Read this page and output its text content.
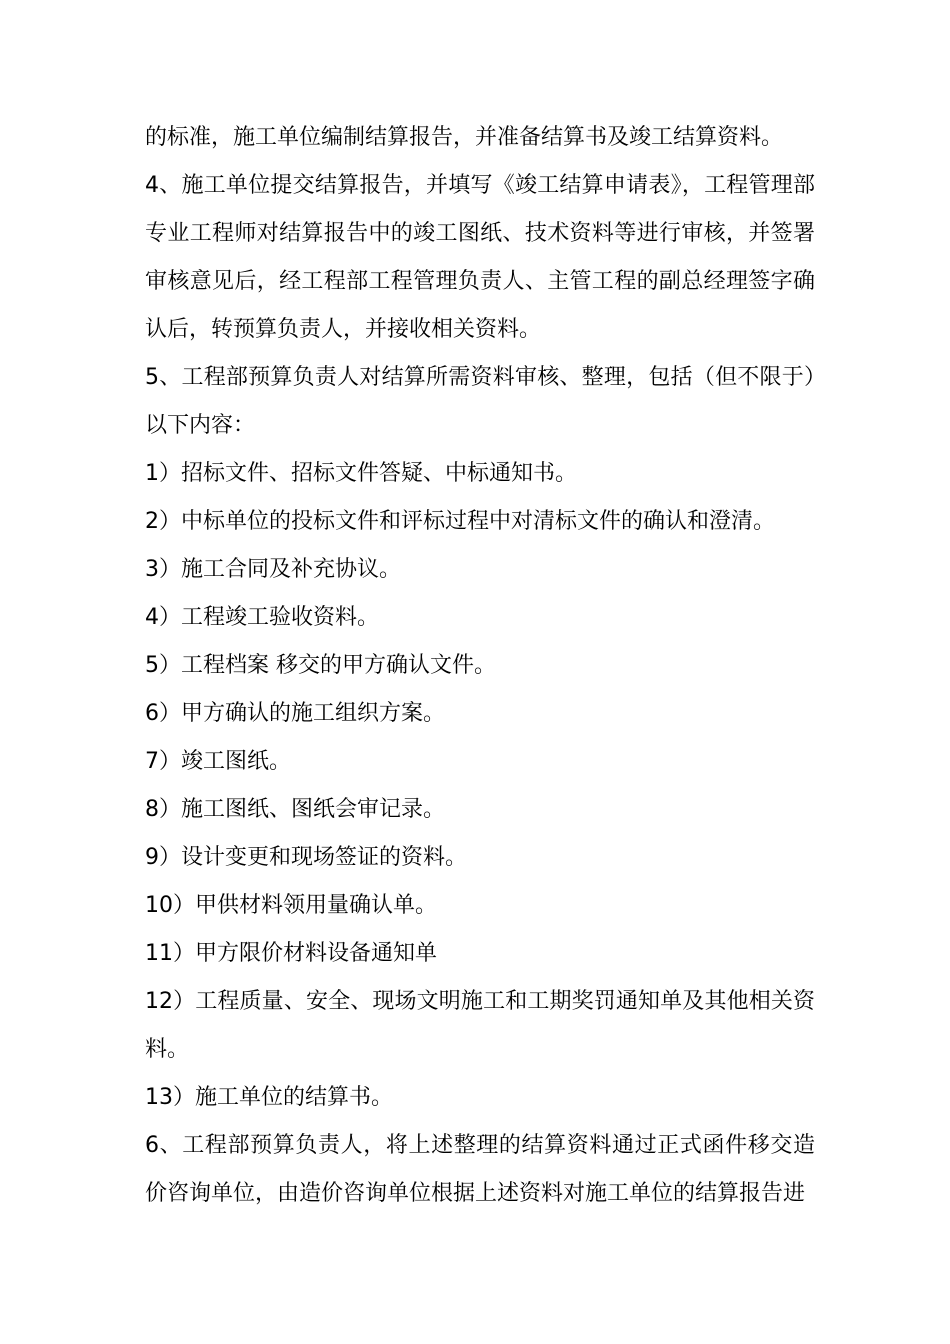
的标准，施工单位编制结算报告，并准备结算书及竣工结算资料。

4、施工单位提交结算报告，并填写《竣工结算申请表》，工程管理部专业工程师对结算报告中的竣工图纸、技术资料等进行审核，并签署审核意见后，经工程部工程管理负责人、主管工程的副总经理签字确认后，转预算负责人，并接收相关资料。

5、工程部预算负责人对结算所需资料审核、整理，包括（但不限于）以下内容：

1）招标文件、招标文件答疑、中标通知书。

2）中标单位的投标文件和评标过程中对清标文件的确认和澄清。

3）施工合同及补充协议。

4）工程竣工验收资料。

5）工程档案 移交的甲方确认文件。

6）甲方确认的施工组织方案。

7）竣工图纸。

8）施工图纸、图纸会审记录。

9）设计变更和现场签证的资料。

10）甲供材料领用量确认单。

11）甲方限价材料设备通知单

12）工程质量、安全、现场文明施工和工期奖罚通知单及其他相关资料。

13）施工单位的结算书。

6、工程部预算负责人，将上述整理的结算资料通过正式函件移交造价咨询单位，由造价咨询单位根据上述资料对施工单位的结算报告进
